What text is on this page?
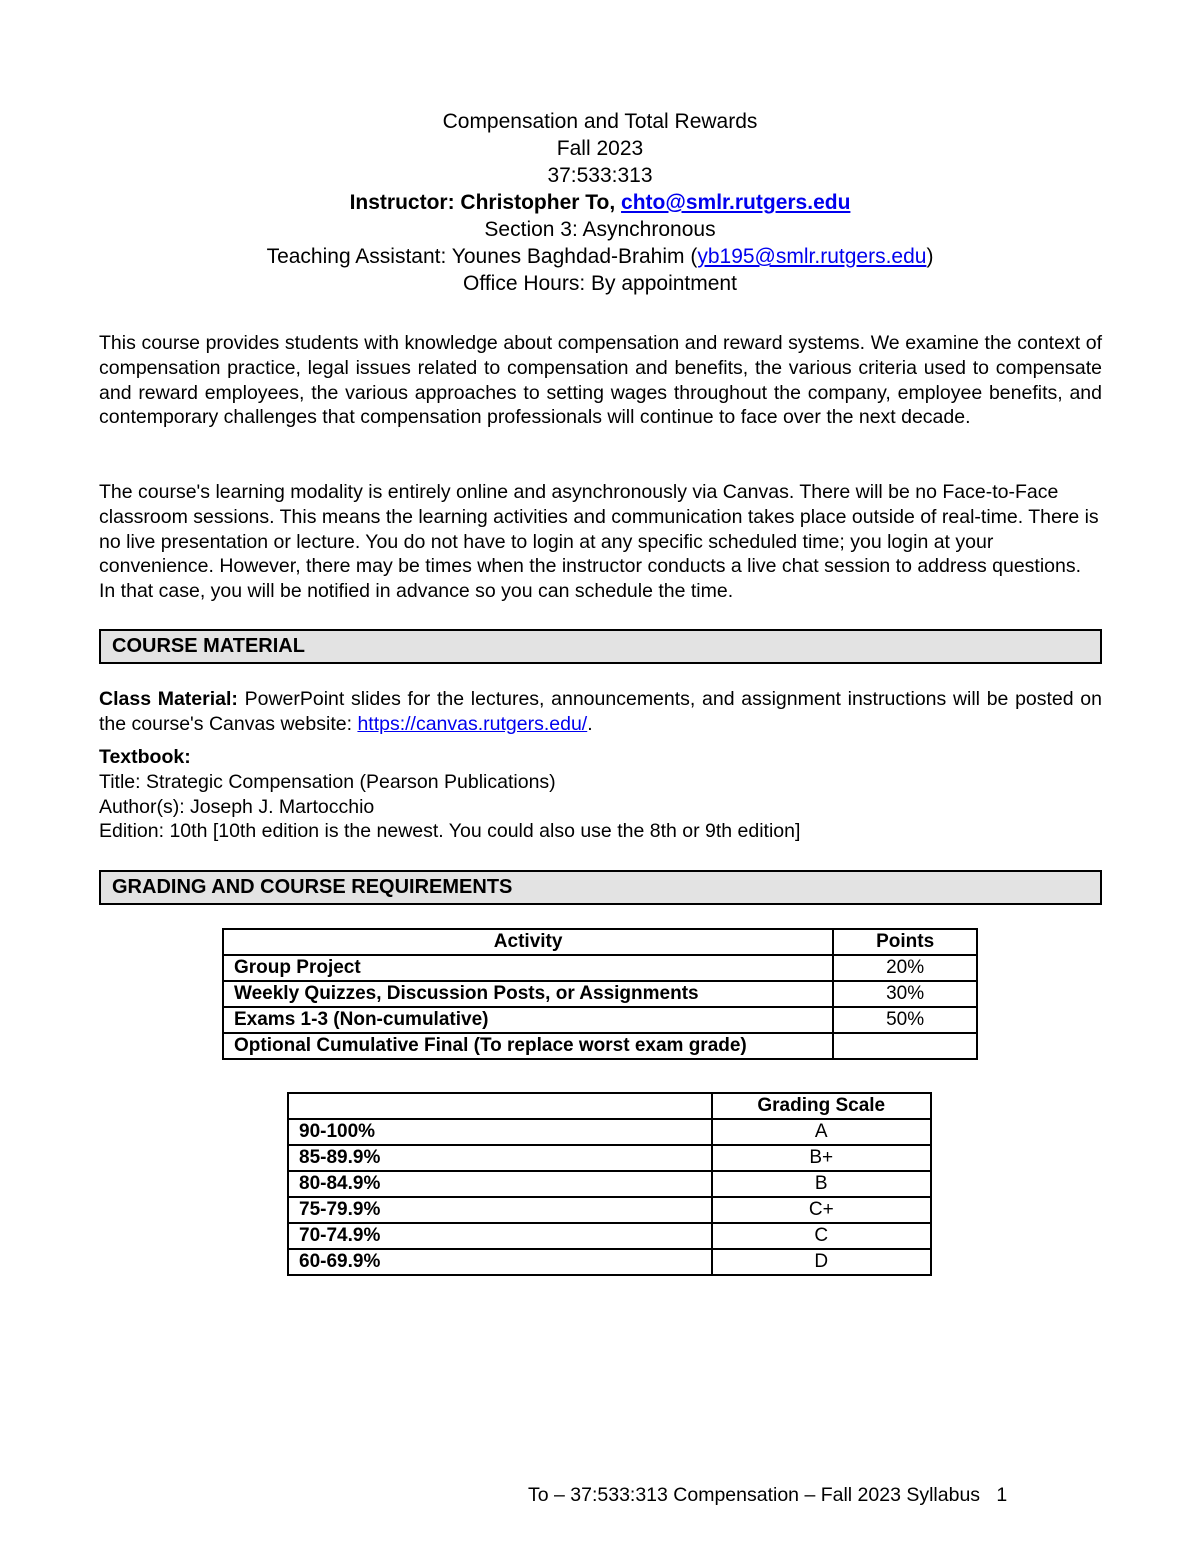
Compensation and Total Rewards
Fall 2023
37:533:313
Instructor: Christopher To, chto@smlr.rutgers.edu
Section 3: Asynchronous
Teaching Assistant: Younes Baghdad-Brahim (yb195@smlr.rutgers.edu)
Office Hours: By appointment
This course provides students with knowledge about compensation and reward systems. We examine the context of compensation practice, legal issues related to compensation and benefits, the various criteria used to compensate and reward employees, the various approaches to setting wages throughout the company, employee benefits, and contemporary challenges that compensation professionals will continue to face over the next decade.
The course's learning modality is entirely online and asynchronously via Canvas. There will be no Face-to-Face classroom sessions. This means the learning activities and communication takes place outside of real-time. There is no live presentation or lecture. You do not have to login at any specific scheduled time; you login at your convenience. However, there may be times when the instructor conducts a live chat session to address questions. In that case, you will be notified in advance so you can schedule the time.
COURSE MATERIAL
Class Material: PowerPoint slides for the lectures, announcements, and assignment instructions will be posted on the course's Canvas website: https://canvas.rutgers.edu/.
Textbook:
Title: Strategic Compensation (Pearson Publications)
Author(s): Joseph J. Martocchio
Edition: 10th [10th edition is the newest. You could also use the 8th or 9th edition]
GRADING AND COURSE REQUIREMENTS
Activity	Points
Group Project	20%
Weekly Quizzes, Discussion Posts, or Assignments	30%
Exams 1-3 (Non-cumulative)	50%
Optional Cumulative Final (To replace worst exam grade)	
	Grading Scale
90-100%	A
85-89.9%	B+
80-84.9%	B
75-79.9%	C+
70-74.9%	C
60-69.9%	D
To – 37:533:313 Compensation – Fall 2023 Syllabus 1
